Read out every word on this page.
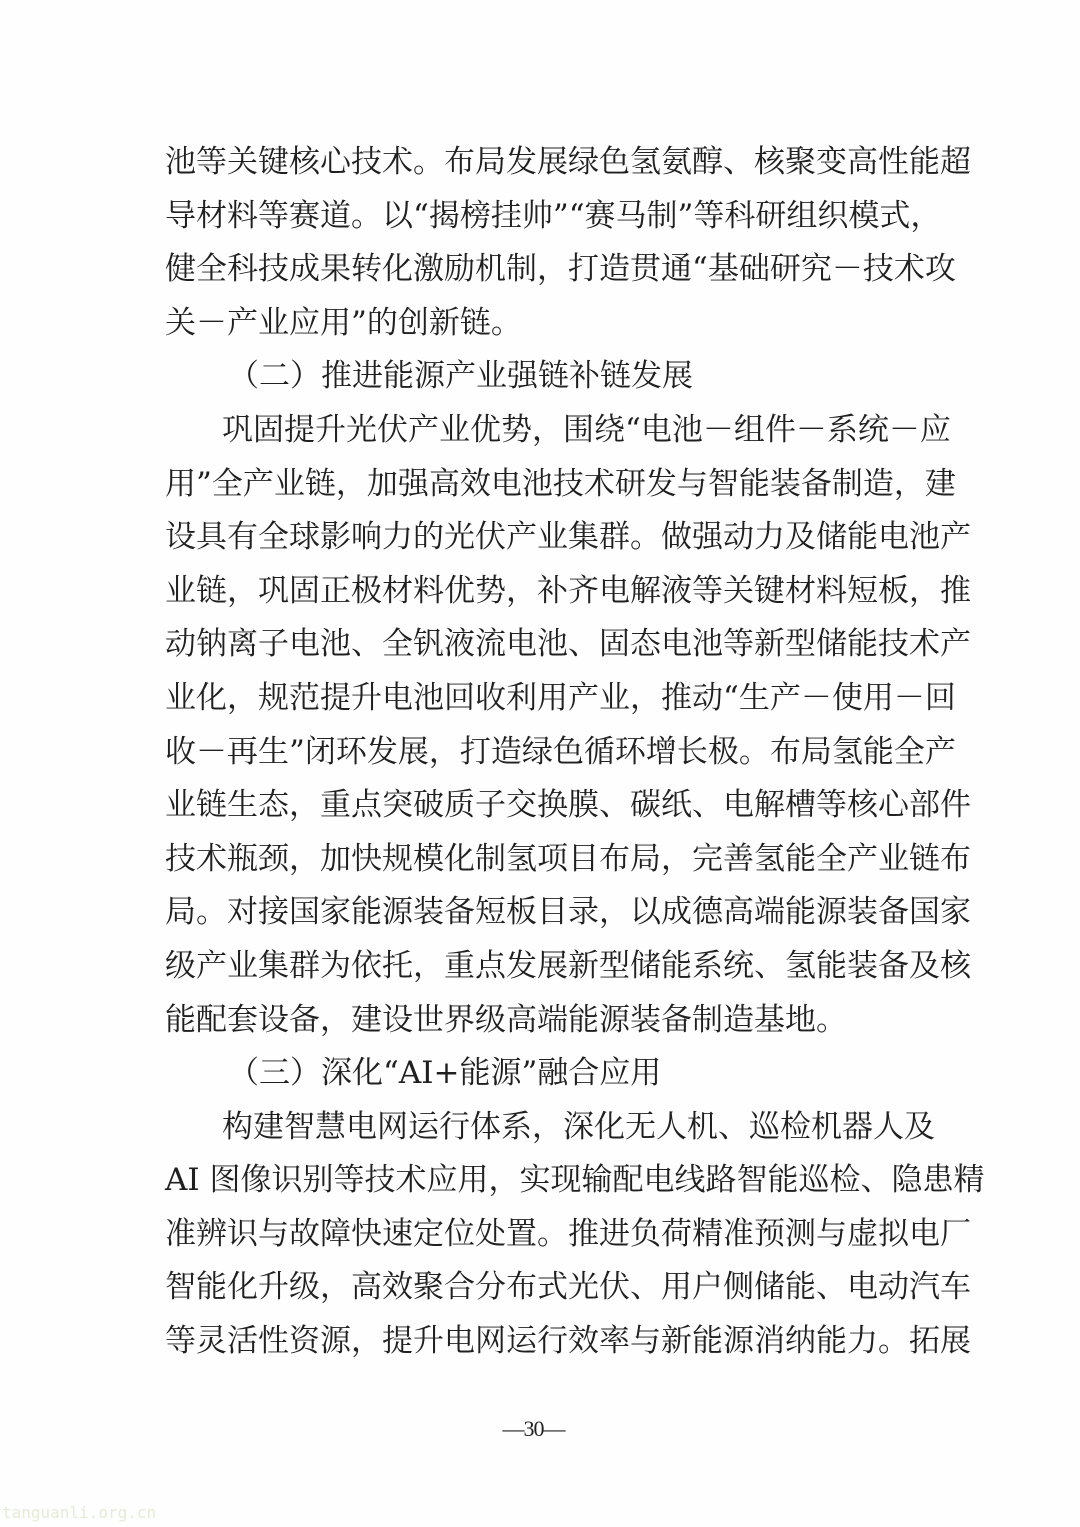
池等关键核心技术。布局发展绿色氢氨醇、核聚变高性能超
导材料等赛道。以“揭榜挂帅”“赛马制”等科研组织模式，
健全科技成果转化激励机制，打造贯通“基础研究－技术攻
关－产业应用”的创新链。
（二）推进能源产业强链补链发展
巩固提升光伏产业优势，围绕“电池－组件－系统－应
用”全产业链，加强高效电池技术研发与智能装备制造，建
设具有全球影响力的光伏产业集群。做强动力及储能电池产
业链，巩固正极材料优势，补齐电解液等关键材料短板，推
动钠离子电池、全钒液流电池、固态电池等新型储能技术产
业化，规范提升电池回收利用产业，推动“生产－使用－回
收－再生”闭环发展，打造绿色循环增长极。布局氢能全产
业链生态，重点突破质子交换膜、碳纸、电解槽等核心部件
技术瓶颈，加快规模化制氢项目布局，完善氢能全产业链布
局。对接国家能源装备短板目录，以成德高端能源装备国家
级产业集群为依托，重点发展新型储能系统、氢能装备及核
能配套设备，建设世界级高端能源装备制造基地。
（三）深化“AI+能源”融合应用
构建智慧电网运行体系，深化无人机、巡检机器人及
AI 图像识别等技术应用，实现输配电线路智能巡检、隐患精
准辨识与故障快速定位处置。推进负荷精准预测与虚拟电厂
智能化升级，高效聚合分布式光伏、用户侧储能、电动汽车
等灵活性资源，提升电网运行效率与新能源消纳能力。拓展
—30—
tanguanli.org.cn
